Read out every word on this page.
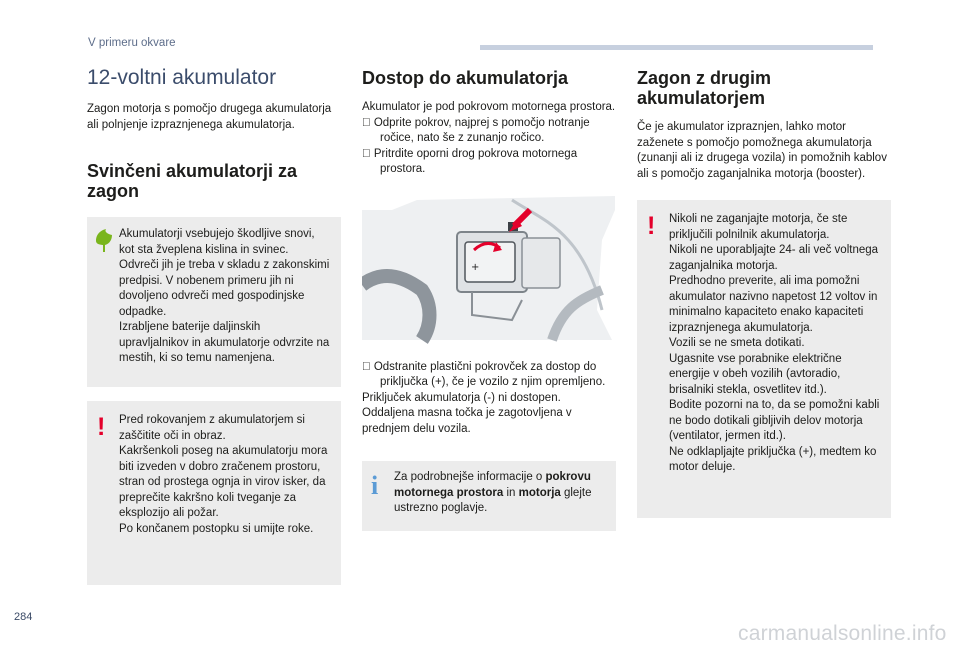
V primeru okvare
12-voltni akumulator

Zagon motorja s pomočjo drugega akumulatorja ali polnjenje izpraznjenega akumulatorja.

Svinčeni akumulatorji za zagon

Akumulatorji vsebujejo škodljive snovi, kot sta žveplena kislina in svinec. Odvreči jih je treba v skladu z zakonskimi predpisi. V nobenem primeru jih ni dovoljeno odvreči med gospodinjske odpadke.
Izrabljene baterije daljinskih upravljalnikov in akumulatorje odvrzite na mestih, ki so temu namenjena.

! Pred rokovanjem z akumulatorjem si zaščitite oči in obraz.
Kakršenkoli poseg na akumulatorju mora biti izveden v dobro zračenem prostoru, stran od prostega ognja in virov isker, da preprečite kakršno koli tveganje za eksplozijo ali požar.
Po končanem postopku si umijte roke.

Dostop do akumulatorja

Akumulator je pod pokrovom motornega prostora.

Odprite pokrov, najprej s pomočjo notranje ročice, nato še z zunanjo ročico.
Pritrdite oporni drog pokrova motornega prostora.
+
Odstranite plastični pokrovček za dostop do priključka (+), če je vozilo z njim opremljeno.

Priključek akumulatorja (-) ni dostopen.

Oddaljena masna točka je zagotovljena v prednjem delu vozila.

i	Za podrobnejše informacije o pokrovu motornega prostora in motorja glejte ustrezno poglavje.

Zagon z drugim akumulatorjem

Če je akumulator izpraznjen, lahko motor zaženete s pomočjo pomožnega akumulatorja (zunanji ali iz drugega vozila) in pomožnih kablov ali s pomočjo zaganjalnika motorja (booster).

! Nikoli ne zaganjajte motorja, če ste priključili polnilnik akumulatorja.
Nikoli ne uporabljajte 24- ali več voltnega zaganjalnika motorja.
Predhodno preverite, ali ima pomožni akumulator nazivno napetost 12 voltov in minimalno kapaciteto enako kapaciteti izpraznjenega akumulatorja.
Vozili se ne smeta dotikati.
Ugasnite vse porabnike električne energije v obeh vozilih (avtoradio, brisalniki stekla, osvetlitev itd.).
Bodite pozorni na to, da se pomožni kabli ne bodo dotikali gibljivih delov motorja (ventilator, jermen itd.).
Ne odklapljajte priključka (+), medtem ko motor deluje.

284
carmanualsonline.info
